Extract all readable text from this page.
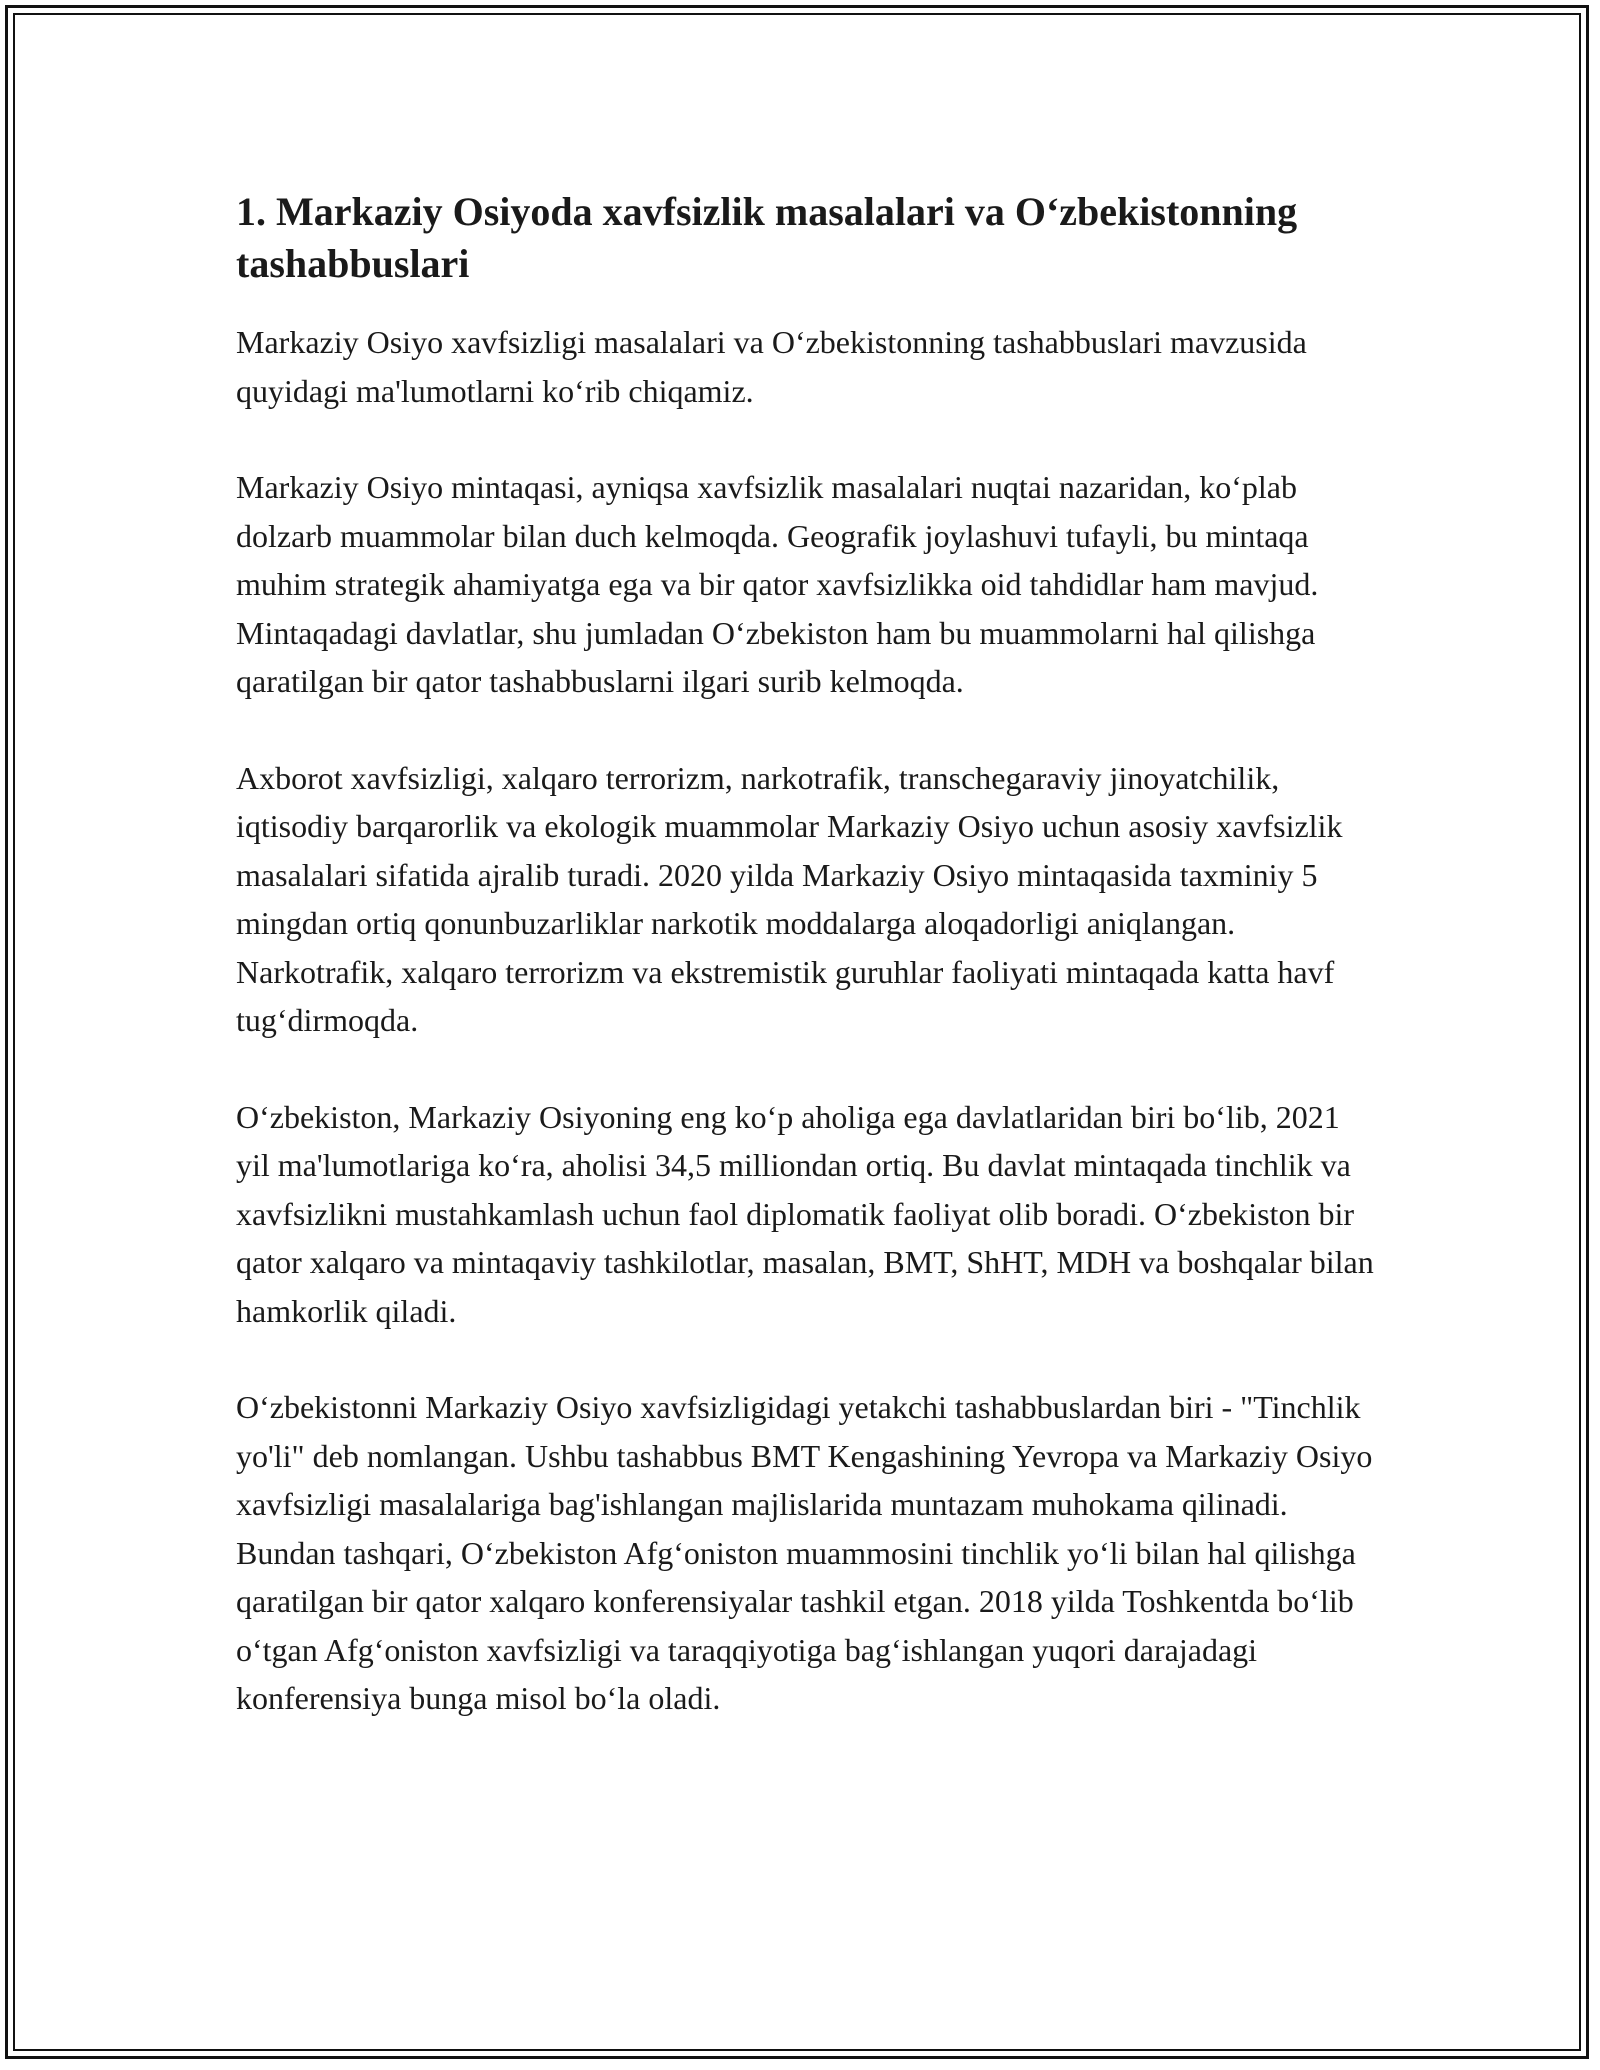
1. Markaziy Osiyoda xavfsizlik masalalari va O‘zbekistonning tashabbuslari

Markaziy Osiyo xavfsizligi masalalari va O‘zbekistonning tashabbuslari mavzusida quyidagi ma'lumotlarni ko‘rib chiqamiz.

Markaziy Osiyo mintaqasi, ayniqsa xavfsizlik masalalari nuqtai nazaridan, ko‘plab dolzarb muammolar bilan duch kelmoqda. Geografik joylashuvi tufayli, bu mintaqa muhim strategik ahamiyatga ega va bir qator xavfsizlikka oid tahdidlar ham mavjud. Mintaqadagi davlatlar, shu jumladan O‘zbekiston ham bu muammolarni hal qilishga qaratilgan bir qator tashabbuslarni ilgari surib kelmoqda.

Axborot xavfsizligi, xalqaro terrorizm, narkotrafik, transchegaraviy jinoyatchilik, iqtisodiy barqarorlik va ekologik muammolar Markaziy Osiyo uchun asosiy xavfsizlik masalalari sifatida ajralib turadi. 2020 yilda Markaziy Osiyo mintaqasida taxminiy 5 mingdan ortiq qonunbuzarliklar narkotik moddalarga aloqadorligi aniqlangan. Narkotrafik, xalqaro terrorizm va ekstremistik guruhlar faoliyati mintaqada katta havf tug‘dirmoqda.

O‘zbekiston, Markaziy Osiyoning eng ko‘p aholiga ega davlatlaridan biri bo‘lib, 2021 yil ma'lumotlariga ko‘ra, aholisi 34,5 milliondan ortiq. Bu davlat mintaqada tinchlik va xavfsizlikni mustahkamlash uchun faol diplomatik faoliyat olib boradi. O‘zbekiston bir qator xalqaro va mintaqaviy tashkilotlar, masalan, BMT, ShHT, MDH va boshqalar bilan hamkorlik qiladi.

O‘zbekistonni Markaziy Osiyo xavfsizligidagi yetakchi tashabbuslardan biri - "Tinchlik yo'li" deb nomlangan. Ushbu tashabbus BMT Kengashining Yevropa va Markaziy Osiyo xavfsizligi masalalariga bag'ishlangan majlislarida muntazam muhokama qilinadi. Bundan tashqari, O‘zbekiston Afg‘oniston muammosini tinchlik yo‘li bilan hal qilishga qaratilgan bir qator xalqaro konferensiyalar tashkil etgan. 2018 yilda Toshkentda bo‘lib o‘tgan Afg‘oniston xavfsizligi va taraqqiyotiga bag‘ishlangan yuqori darajadagi konferensiya bunga misol bo‘la oladi.
